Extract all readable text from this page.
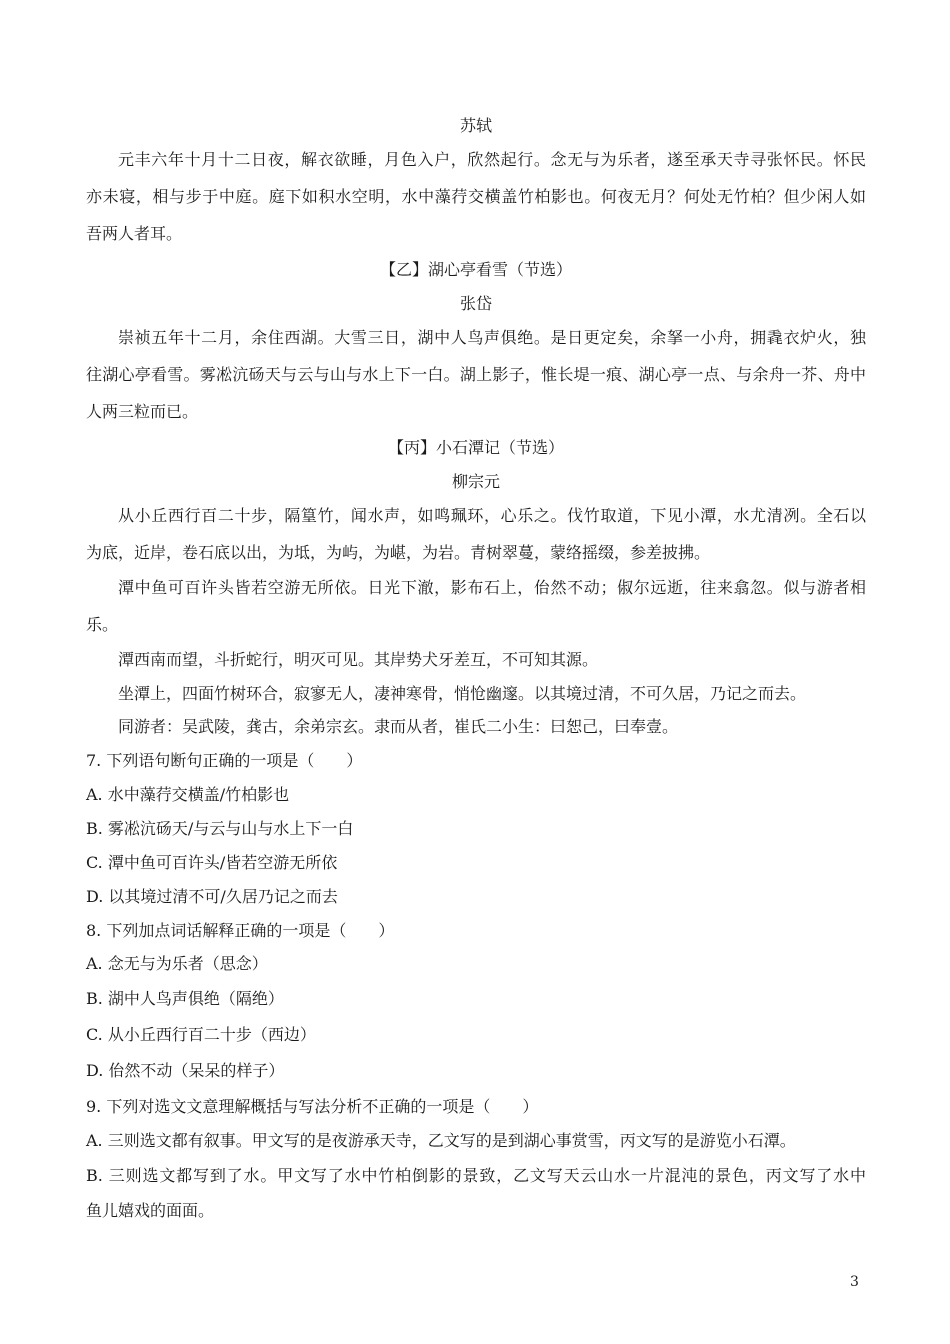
苏轼
元丰六年十月十二日夜，解衣欲睡，月色入户，欣然起行。念无与为乐者，遂至承天寺寻张怀民。怀民
亦未寝，相与步于中庭。庭下如积水空明，水中藻荇交横盖竹柏影也。何夜无月？何处无竹柏？但少闲人如
吾两人者耳。
【乙】湖心亭看雪（节选）
张岱
崇祯五年十二月，余住西湖。大雪三日，湖中人鸟声俱绝。是日更定矣，余拏一小舟，拥毳衣炉火，独
往湖心亭看雪。雾凇沆砀天与云与山与水上下一白。湖上影子，惟长堤一痕、湖心亭一点、与余舟一芥、舟中
人两三粒而已。
【丙】小石潭记（节选）
柳宗元
从小丘西行百二十步，隔篁竹，闻水声，如鸣珮环，心乐之。伐竹取道，下见小潭，水尤清冽。全石以
为底，近岸，卷石底以出，为坻，为屿，为嵁，为岩。青树翠蔓，蒙络摇缀，参差披拂。
潭中鱼可百许头皆若空游无所依。日光下澈，影布石上，佁然不动；俶尔远逝，往来翕忽。似与游者相
乐。
潭西南而望，斗折蛇行，明灭可见。其岸势犬牙差互，不可知其源。
坐潭上，四面竹树环合，寂寥无人，凄神寒骨，悄怆幽邃。以其境过清，不可久居，乃记之而去。
同游者：吴武陵，龚古，余弟宗玄。隶而从者，崔氏二小生：曰恕己，曰奉壹。
7. 下列语句断句正确的一项是（　　）
A. 水中藻荇交横盖/竹柏影也
B. 雾凇沆砀天/与云与山与水上下一白
C. 潭中鱼可百许头/皆若空游无所依
D. 以其境过清不可/久居乃记之而去
8. 下列加点词话解释正确的一项是（　　）
A. 念无与为乐者（思念）
B. 湖中人鸟声俱绝（隔绝）
C. 从小丘西行百二十步（西边）
D. 佁然不动（呆呆的样子）
9. 下列对选文文意理解概括与写法分析不正确的一项是（　　）
A. 三则选文都有叙事。甲文写的是夜游承天寺，乙文写的是到湖心事赏雪，丙文写的是游览小石潭。
B. 三则选文都写到了水。甲文写了水中竹柏倒影的景致，乙文写天云山水一片混沌的景色，丙文写了水中
鱼儿嬉戏的面面。
3
